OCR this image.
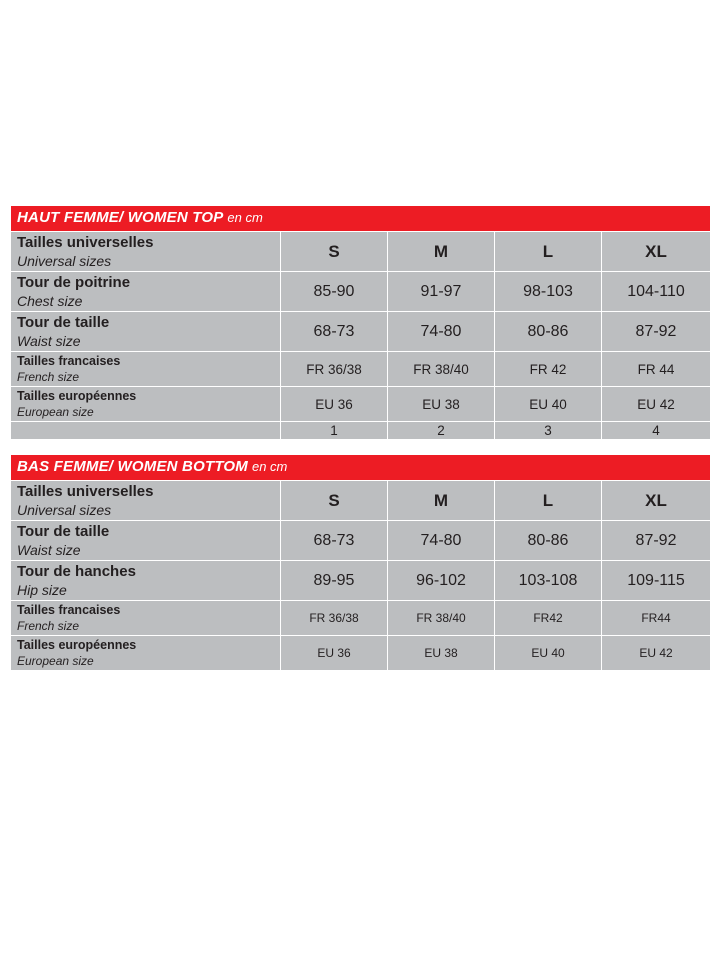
HAUT FEMME/ WOMEN TOP en cm				

Tailles universelles
Universal sizes	S	M	L	XL

Tour de poitrine
Chest size	85-90	91-97	98-103	104-110

Tour de taille
Waist size	68-73	74-80	80-86	87-92

Tailles francaises
French size	FR 36/38	FR 38/40	FR 42	FR 44

Tailles européennes
European size	EU 36	EU 38	EU 40	EU 42

	1	2	3	4
BAS FEMME/ WOMEN BOTTOM en cm				

Tailles universelles
Universal sizes	S	M	L	XL

Tour de taille
Waist size	68-73	74-80	80-86	87-92

Tour de hanches
Hip size	89-95	96-102	103-108	109-115

Tailles francaises
French size	FR 36/38	FR 38/40	FR42	FR44

Tailles européennes
European size	EU 36	EU 38	EU 40	EU 42
